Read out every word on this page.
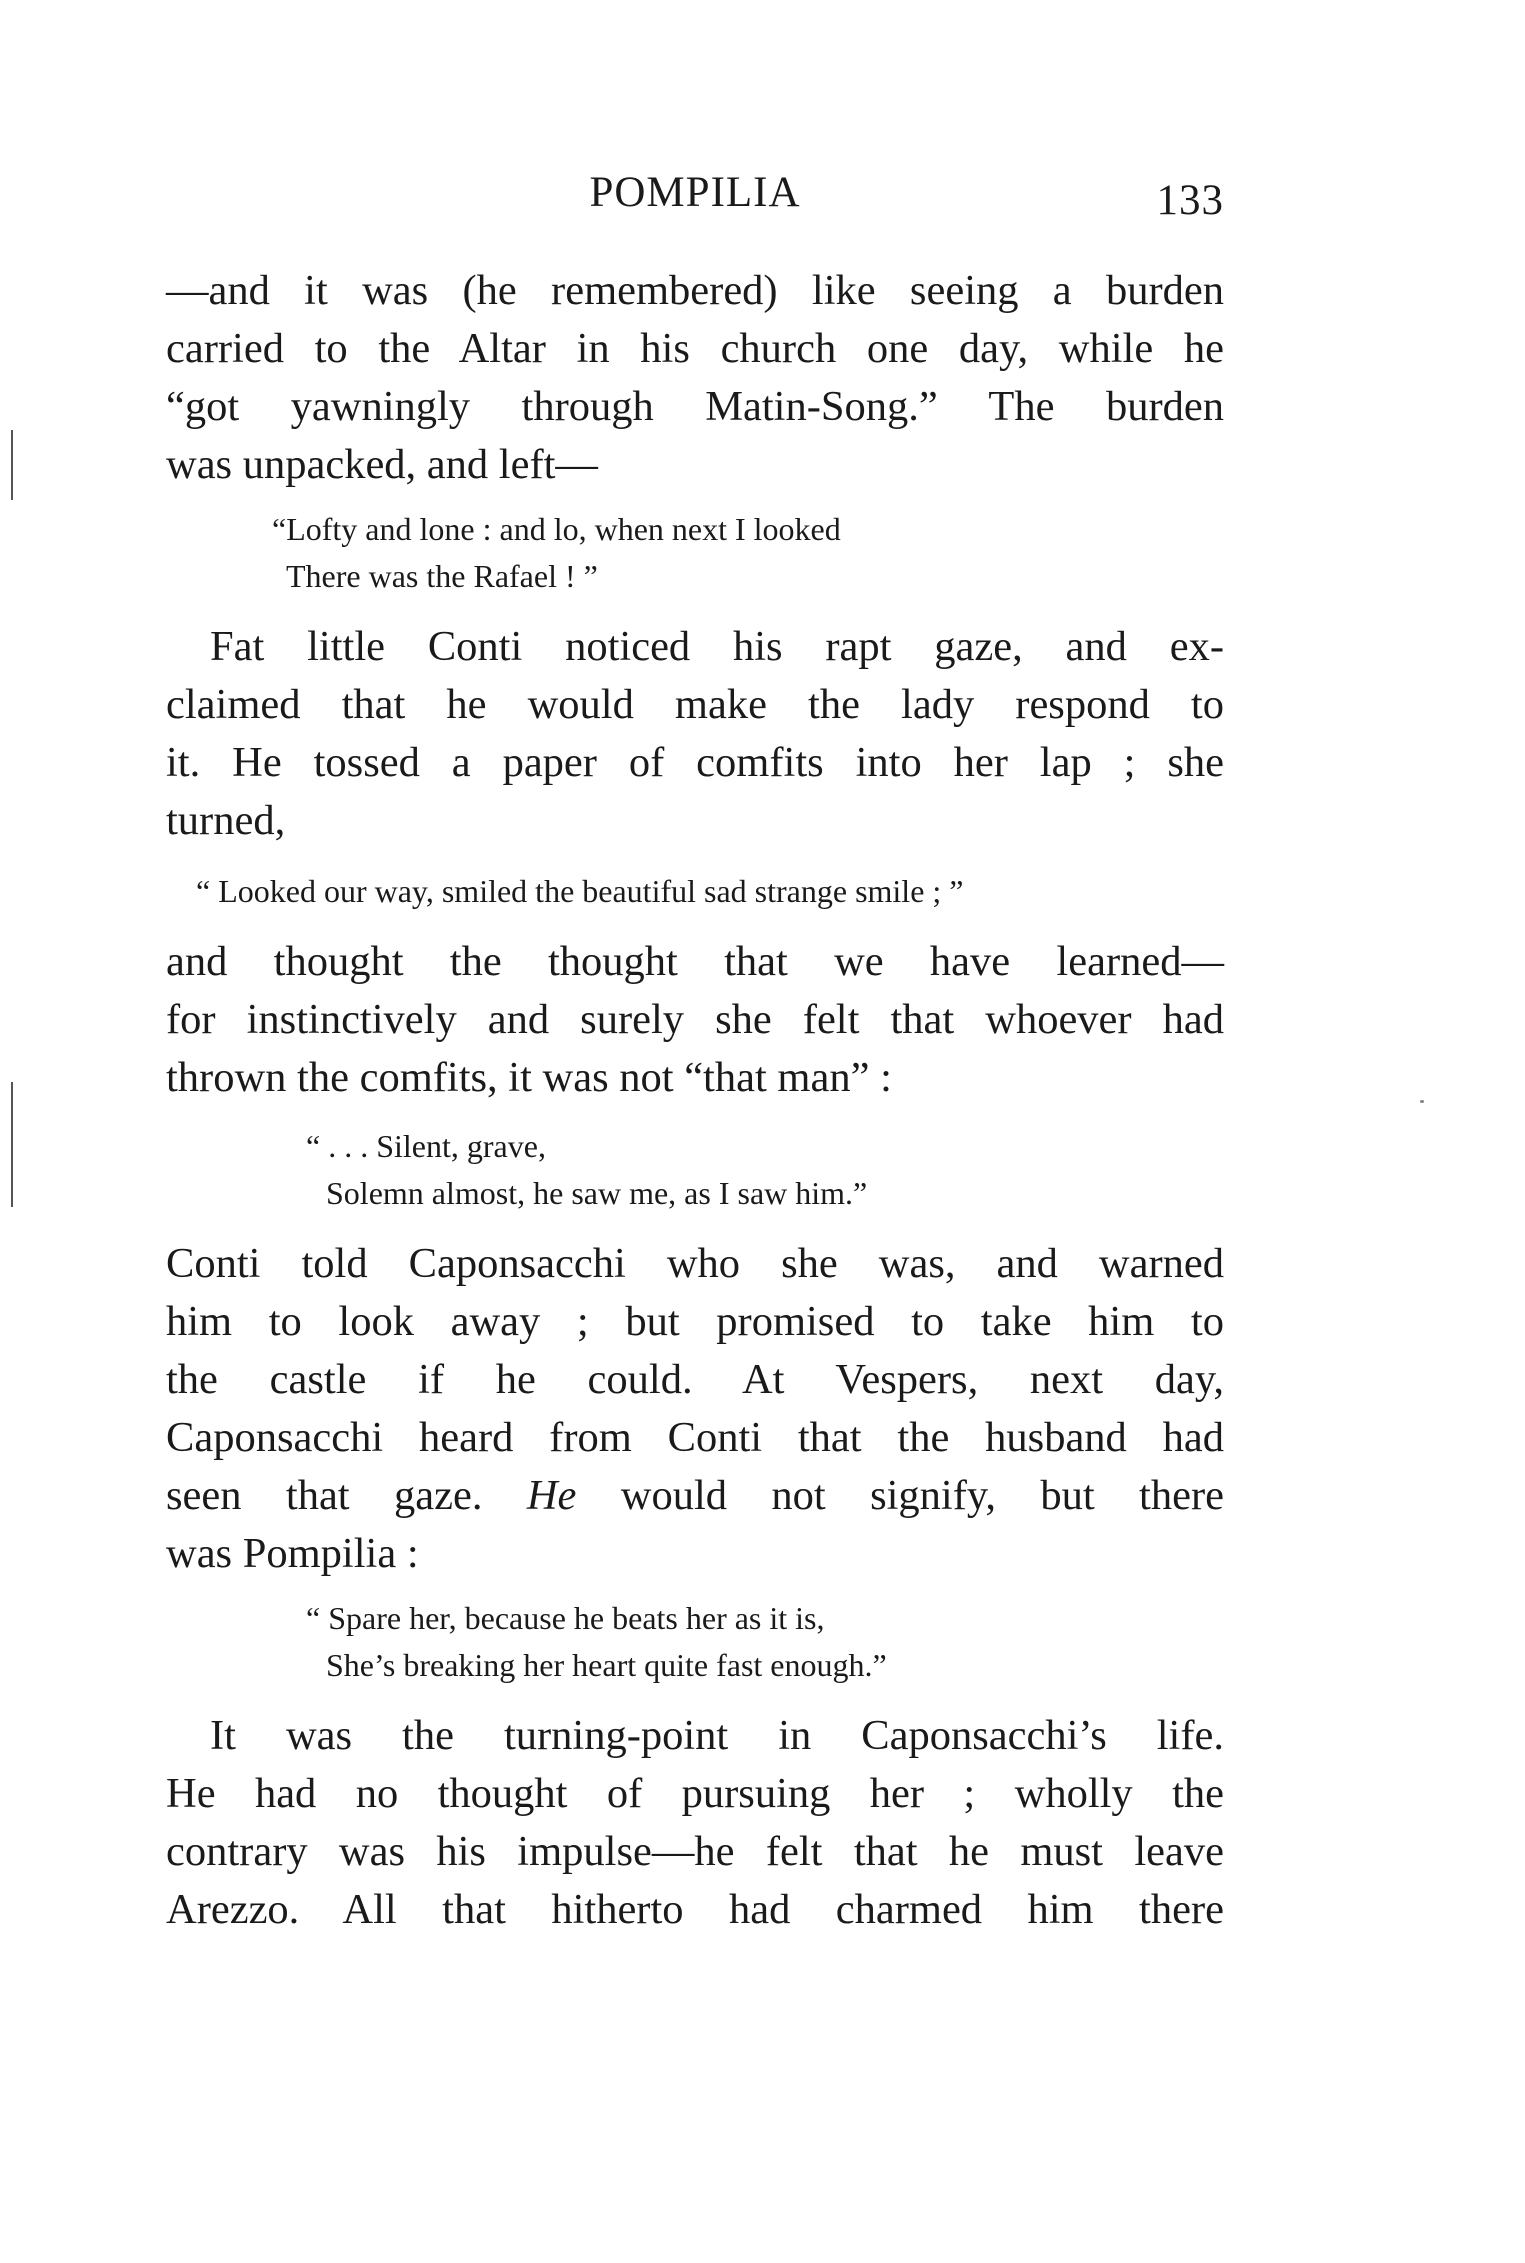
POMPILIA	133

—and it was (he remembered) like seeing a burden
carried to the Altar in his church one day, while he
“got yawningly through Matin-Song.” The burden
was unpacked, and left—

“Lofty and lone : and lo, when next I looked
There was the Rafael ! ”

Fat little Conti noticed his rapt gaze, and ex-
claimed that he would make the lady respond to
it. He tossed a paper of comfits into her lap ; she
turned,

“ Looked our way, smiled the beautiful sad strange smile ; ”

and thought the thought that we have learned—
for instinctively and surely she felt that whoever had
thrown the comfits, it was not “that man” :

“ . . . Silent, grave,
Solemn almost, he saw me, as I saw him.”

Conti told Caponsacchi who she was, and warned
him to look away ; but promised to take him to
the castle if he could. At Vespers, next day,
Caponsacchi heard from Conti that the husband had
seen that gaze. He would not signify, but there
was Pompilia :

“ Spare her, because he beats her as it is,
She’s breaking her heart quite fast enough.”

It was the turning-point in Caponsacchi’s life.
He had no thought of pursuing her ; wholly the
contrary was his impulse—he felt that he must leave
Arezzo. All that hitherto had charmed him there
